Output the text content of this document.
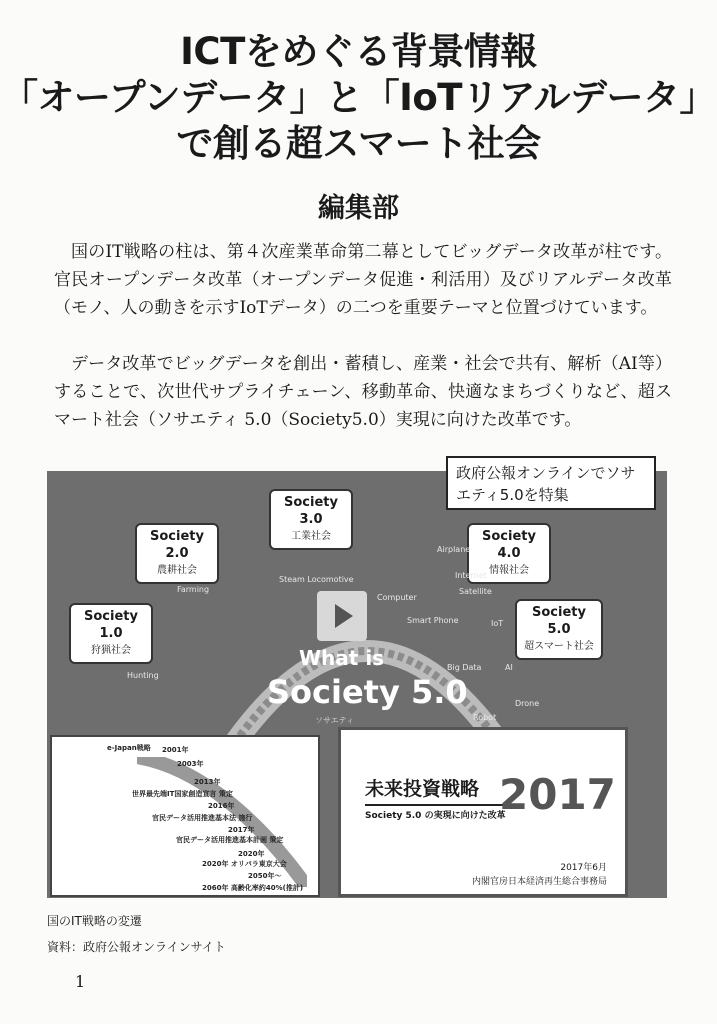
ICTをめぐる背景情報
「オープンデータ」と「IoTリアルデータ」
で創る超スマート社会
編集部
国のIT戦略の柱は、第４次産業革命第二幕としてビッグデータ改革が柱です。官民オープンデータ改革（オープンデータ促進・利活用）及びリアルデータ改革（モノ、人の動きを示すIoTデータ）の二つを重要テーマと位置づけています。
データ改革でビッグデータを創出・蓄積し、産業・社会で共有、解析（AI等）することで、次世代サプライチェーン、移動革命、快適なまちづくりなど、超スマート社会（ソサエティ 5.0（Society5.0）実現に向けた改革です。
Society 1.0
狩猟社会
Society 2.0
農耕社会
Society 3.0
工業社会	Society 4.0
情報社会
Society 5.0
超スマート社会
Hunting
Farming
Steam Locomotive
Computer
Smart Phone
Airplane
Internet
Satellite
IoT
Big Data	AI
Drone
Robot
What is
Society 5.0
ソサエティ
政府公報オンラインでソサエティ5.0を特集
e-Japan戦略 2001年
2003年
2013年
世界最先端IT国家創造宣言 策定
2016年
官民データ活用推進基本法 施行
2017年
官民データ活用推進基本計画 策定
2020年
2020年 オリパラ東京大会
2050年～
2060年 高齢化率約40%(推計)
未来投資戦略
Society 5.0 の実現に向けた改革
2017
2017年6月
内閣官房日本経済再生総合事務局
国のIT戦略の変遷
資料：政府公報オンラインサイト
1
